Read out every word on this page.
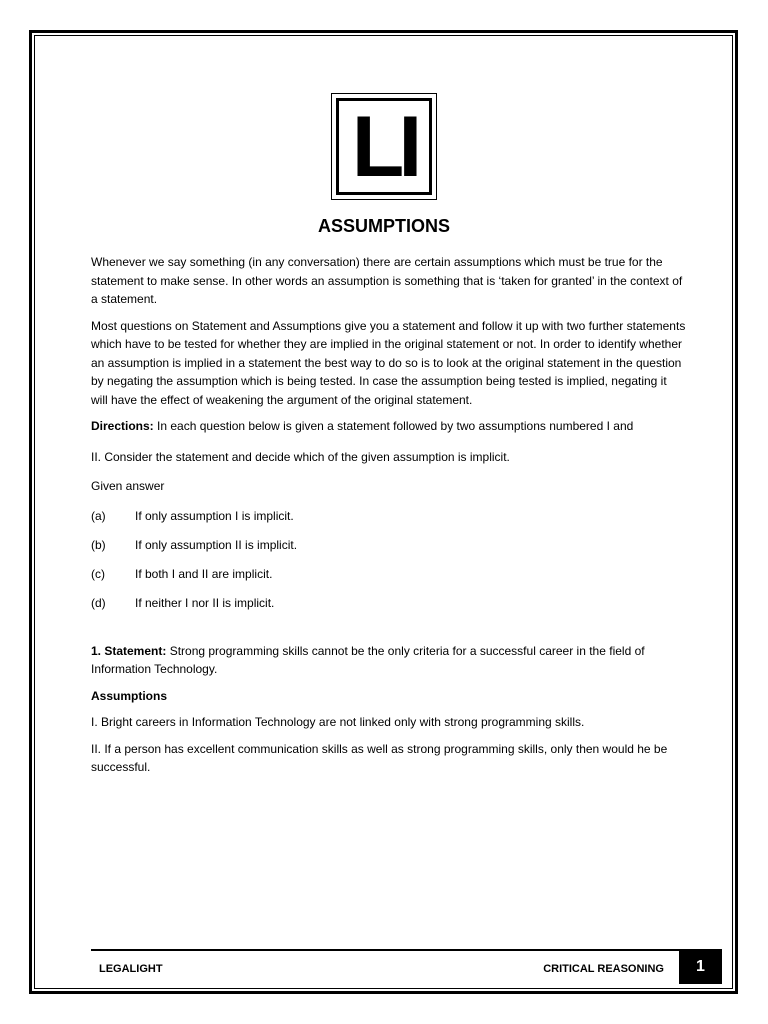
LI
ASSUMPTIONS

Whenever we say something (in any conversation) there are certain assumptions which must be true for the statement to make sense. In other words an assumption is something that is ‘taken for granted’ in the context of a statement.

Most questions on Statement and Assumptions give you a statement and follow it up with two further statements which have to be tested for whether they are implied in the original statement or not. In order to identify whether an assumption is implied in a statement the best way to do so is to look at the original statement in the question by negating the assumption which is being tested. In case the assumption being tested is implied, negating it will have the effect of weakening the argument of the original statement.

Directions: In each question below is given a statement followed by two assumptions numbered I and

II. Consider the statement and decide which of the given assumption is implicit.

Given answer

(a)	If only assumption I is implicit.
(b)	If only assumption II is implicit.
(c)	If both I and II are implicit.
(d)	If neither I nor II is implicit.

1. Statement: Strong programming skills cannot be the only criteria for a successful career in the field of Information Technology.

Assumptions

I. Bright careers in Information Technology are not linked only with strong programming skills.

II. If a person has excellent communication skills as well as strong programming skills, only then would he be successful.

LEGALIGHT	CRITICAL REASONING	1
